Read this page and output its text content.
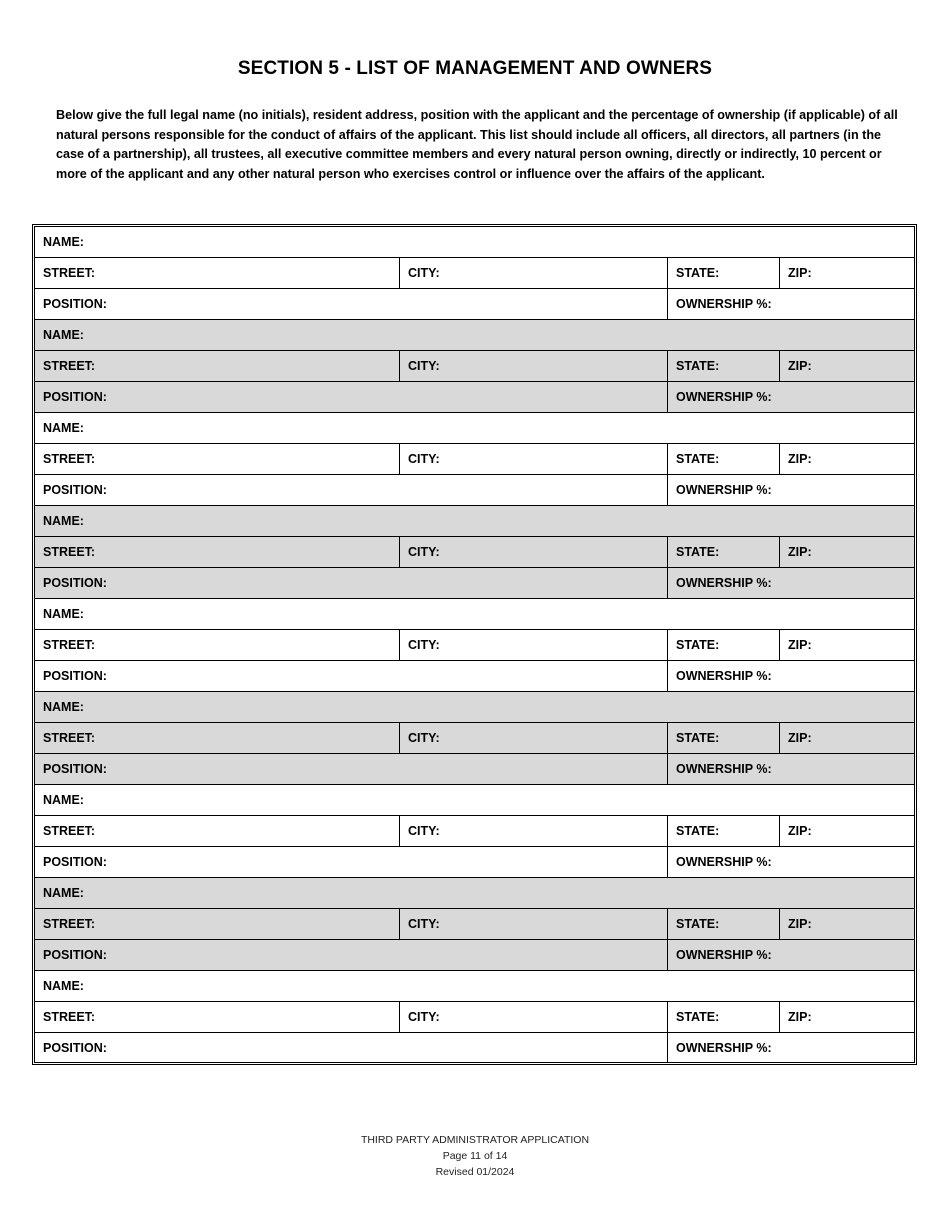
SECTION 5 - LIST OF MANAGEMENT AND OWNERS
Below give the full legal name (no initials), resident address, position with the applicant and the percentage of ownership (if applicable) of all natural persons responsible for the conduct of affairs of the applicant. This list should include all officers, all directors, all partners (in the case of a partnership), all trustees, all executive committee members and every natural person owning, directly or indirectly, 10 percent or more of the applicant and any other natural person who exercises control or influence over the affairs of the applicant.
NAME:
STREET:	CITY:	STATE:	ZIP:
POSITION:	OWNERSHIP %:
NAME:
STREET:	CITY:	STATE:	ZIP:
POSITION:	OWNERSHIP %:
NAME:
STREET:	CITY:	STATE:	ZIP:
POSITION:	OWNERSHIP %:
NAME:
STREET:	CITY:	STATE:	ZIP:
POSITION:	OWNERSHIP %:
NAME:
STREET:	CITY:	STATE:	ZIP:
POSITION:	OWNERSHIP %:
NAME:
STREET:	CITY:	STATE:	ZIP:
POSITION:	OWNERSHIP %:
NAME:
STREET:	CITY:	STATE:	ZIP:
POSITION:	OWNERSHIP %:
NAME:
STREET:	CITY:	STATE:	ZIP:
POSITION:	OWNERSHIP %:
NAME:
STREET:	CITY:	STATE:	ZIP:
POSITION:	OWNERSHIP %:
THIRD PARTY ADMINISTRATOR APPLICATION
Page 11 of 14
Revised 01/2024
